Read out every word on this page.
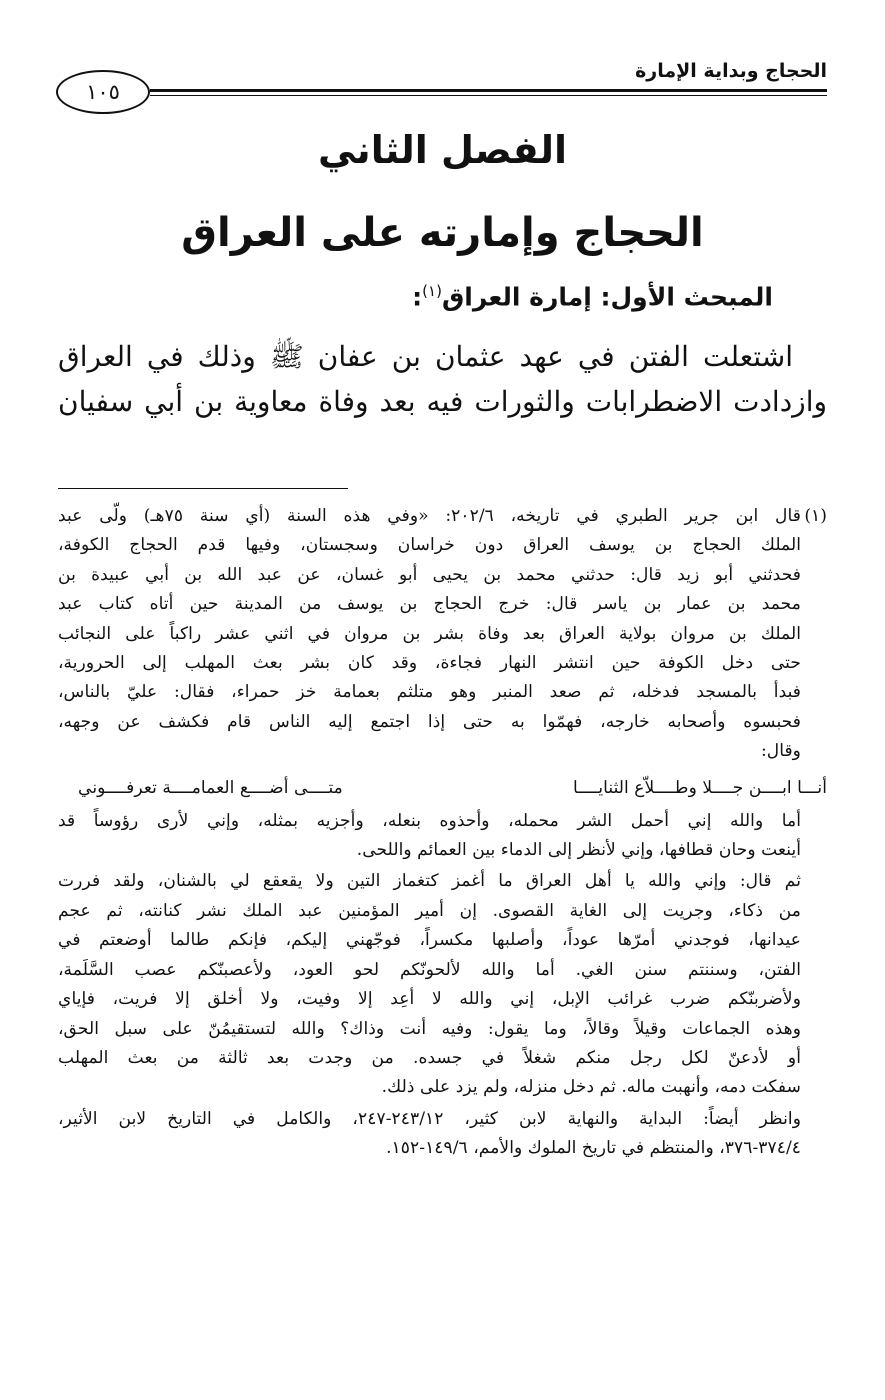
الحجاج وبداية الإمارة
١٠٥
الفصل الثاني
الحجاج وإمارته على العراق
المبحث الأول: إمارة العراق$^{(١)}$:
اشتعلت الفتن في عهد عثمان بن عفان ﷺ وذلك في العراق
وازدادت الاضطرابات والثورات فيه بعد وفاة معاوية بن أبي سفيان
(١)قال ابن جرير الطبري في تاريخه، ٢٠٢/٦: «وفي هذه السنة (أي سنة ٧٥هـ) ولّى عبد
الملك الحجاج بن يوسف العراق دون خراسان وسجستان، وفيها قدم الحجاج الكوفة،
فحدثني أبو زيد قال: حدثني محمد بن يحيى أبو غسان، عن عبد الله بن أبي عبيدة بن
محمد بن عمار بن ياسر قال: خرج الحجاج بن يوسف من المدينة حين أتاه كتاب عبد
الملك بن مروان بولاية العراق بعد وفاة بشر بن مروان في اثني عشر راكباً على النجائب
حتى دخل الكوفة حين انتشر النهار فجاءة، وقد كان بشر بعث المهلب إلى الحرورية،
فبدأ بالمسجد فدخله، ثم صعد المنبر وهو متلثم بعمامة خز حمراء، فقال: عليّ بالناس،
فحبسوه وأصحابه خارجه، فهمّوا به حتى إذا اجتمع إليه الناس قام فكشف عن وجهه،
وقال:
أنـــا ابــــن جــــلا وطــــلاّع الثنايــــا
متــــى أضــــع العمامــــة تعرفــــوني
أما والله إني أحمل الشر محمله، وأحذوه بنعله، وأجزيه بمثله، وإني لأرى رؤوساً قد
أينعت وحان قطافها، وإني لأنظر إلى الدماء بين العمائم واللحى.
ثم قال: وإني والله يا أهل العراق ما أغمز كتغماز التين ولا يقعقع لي بالشنان، ولقد فررت
من ذكاء، وجريت إلى الغاية القصوى. إن أمير المؤمنين عبد الملك نشر كنانته، ثم عجم
عيدانها، فوجدني أمرّها عوداً، وأصلبها مكسراً، فوجّهني إليكم، فإنكم طالما أوضعتم في
الفتن، وسننتم سنن الغي. أما والله لألحونّكم لحو العود، ولأعصبنّكم عصب السَّلَمة،
ولأضربنّكم ضرب غرائب الإبل، إني والله لا أعِد إلا وفيت، ولا أخلق إلا فريت، فإياي
وهذه الجماعات وقيلاً وقالاً، وما يقول: وفيه أنت وذاك؟ والله لتستقيمُنّ على سبل الحق،
أو لأدعنّ لكل رجل منكم شغلاً في جسده. من وجدت بعد ثالثة من بعث المهلب
سفكت دمه، وأنهبت ماله. ثم دخل منزله، ولم يزد على ذلك.
وانظر أيضاً: البداية والنهاية لابن كثير، ٢٤٣/١٢-٢٤٧، والكامل في التاريخ لابن الأثير،
٣٧٤/٤-٣٧٦، والمنتظم في تاريخ الملوك والأمم، ١٤٩/٦-١٥٢.
